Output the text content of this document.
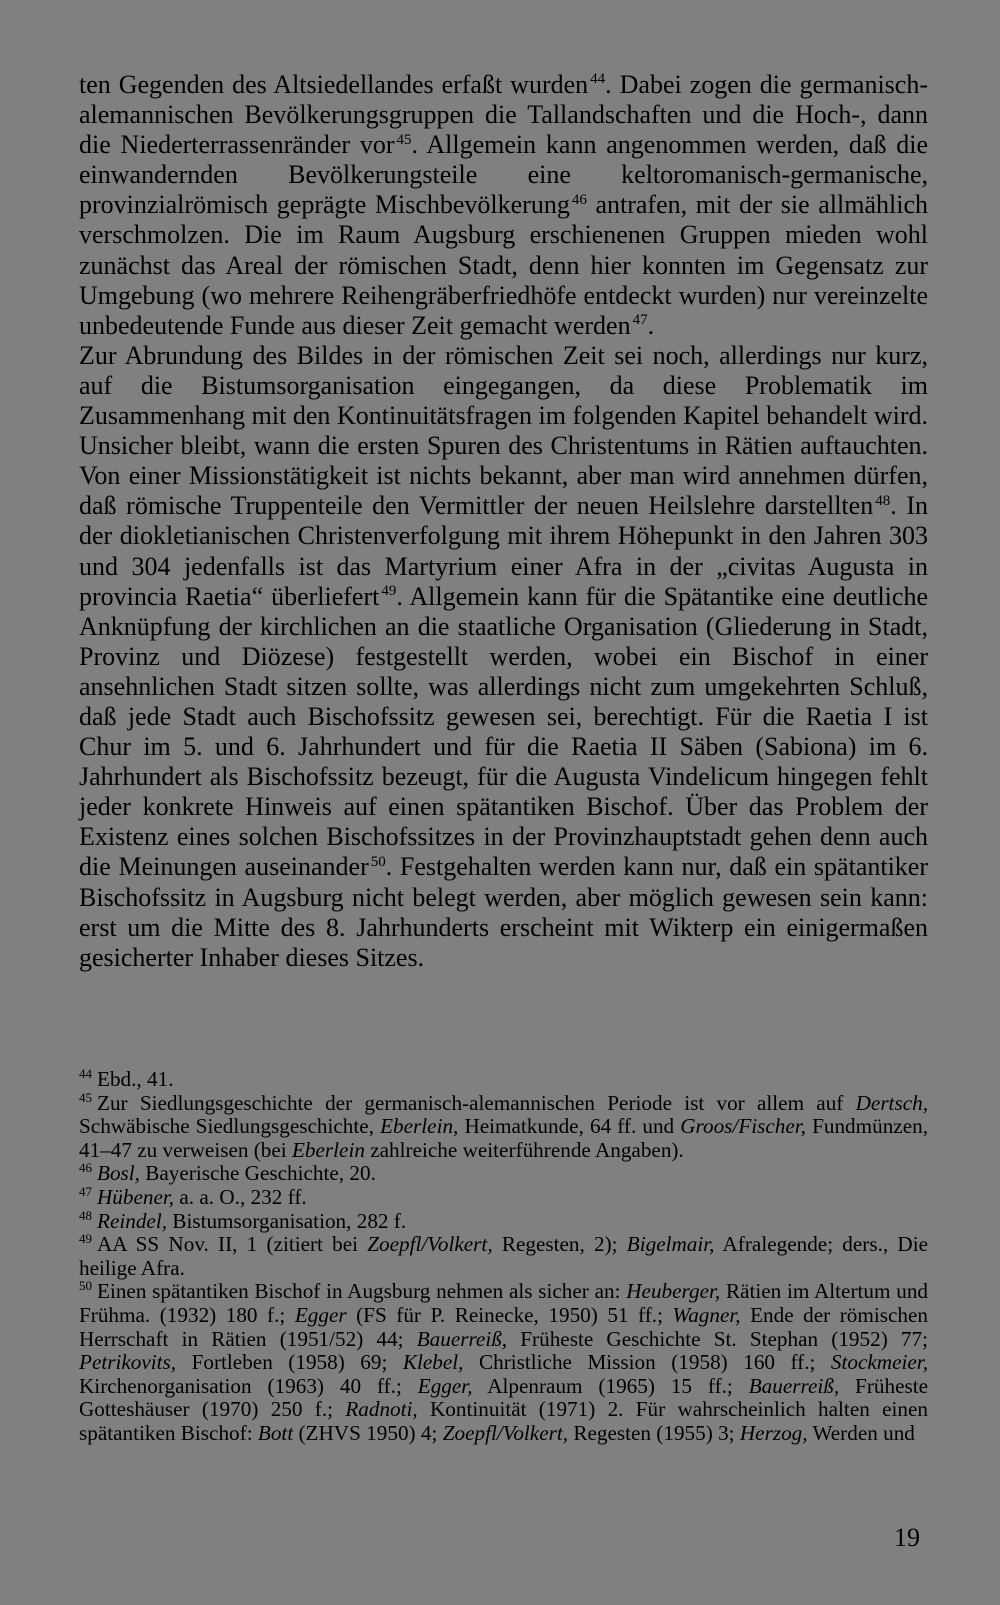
ten Gegenden des Altsiedellandes erfaßt wurden $^{44}$. Dabei zogen die germanisch-alemannischen Bevölkerungsgruppen die Tallandschaften und die Hoch-, dann die Niederterrassenränder vor $^{45}$. Allgemein kann angenommen werden, daß die einwandernden Bevölkerungsteile eine keltoromanisch-germanische, provinzialrömisch geprägte Mischbevölkerung $^{46}$ antrafen, mit der sie allmählich verschmolzen. Die im Raum Augsburg erschienenen Gruppen mieden wohl zunächst das Areal der römischen Stadt, denn hier konnten im Gegensatz zur Umgebung (wo mehrere Reihengräberfriedhöfe entdeckt wurden) nur vereinzelte unbedeutende Funde aus dieser Zeit gemacht werden $^{47}$.

Zur Abrundung des Bildes in der römischen Zeit sei noch, allerdings nur kurz, auf die Bistumsorganisation eingegangen, da diese Problematik im Zusammenhang mit den Kontinuitätsfragen im folgenden Kapitel behandelt wird. Unsicher bleibt, wann die ersten Spuren des Christentums in Rätien auftauchten. Von einer Missionstätigkeit ist nichts bekannt, aber man wird annehmen dürfen, daß römische Truppenteile den Vermittler der neuen Heilslehre darstellten $^{48}$. In der diokletianischen Christenverfolgung mit ihrem Höhepunkt in den Jahren 303 und 304 jedenfalls ist das Martyrium einer Afra in der „civitas Augusta in provincia Raetia“ überliefert $^{49}$. Allgemein kann für die Spätantike eine deutliche Anknüpfung der kirchlichen an die staatliche Organisation (Gliederung in Stadt, Provinz und Diözese) festgestellt werden, wobei ein Bischof in einer ansehnlichen Stadt sitzen sollte, was allerdings nicht zum umgekehrten Schluß, daß jede Stadt auch Bischofssitz gewesen sei, berechtigt. Für die Raetia I ist Chur im 5. und 6. Jahrhundert und für die Raetia II Säben (Sabiona) im 6. Jahrhundert als Bischofssitz bezeugt, für die Augusta Vindelicum hingegen fehlt jeder konkrete Hinweis auf einen spätantiken Bischof. Über das Problem der Existenz eines solchen Bischofssitzes in der Provinzhauptstadt gehen denn auch die Meinungen auseinander $^{50}$. Festgehalten werden kann nur, daß ein spätantiker Bischofssitz in Augsburg nicht belegt werden, aber möglich gewesen sein kann: erst um die Mitte des 8. Jahrhunderts erscheint mit Wikterp ein einigermaßen gesicherter Inhaber dieses Sitzes.

$^{44}$ Ebd., 41.

$^{45}$ Zur Siedlungsgeschichte der germanisch-alemannischen Periode ist vor allem auf Dertsch, Schwäbische Siedlungsgeschichte, Eberlein, Heimatkunde, 64 ff. und Groos/Fischer, Fundmünzen, 41–47 zu verweisen (bei Eberlein zahlreiche weiterführende Angaben).

$^{46}$ Bosl, Bayerische Geschichte, 20.

$^{47}$ Hübener, a. a. O., 232 ff.

$^{48}$ Reindel, Bistumsorganisation, 282 f.

$^{49}$ AA SS Nov. II, 1 (zitiert bei Zoepfl/Volkert, Regesten, 2); Bigelmair, Afralegende; ders., Die heilige Afra.

$^{50}$ Einen spätantiken Bischof in Augsburg nehmen als sicher an: Heuberger, Rätien im Altertum und Frühma. (1932) 180 f.; Egger (FS für P. Reinecke, 1950) 51 ff.; Wagner, Ende der römischen Herrschaft in Rätien (1951/52) 44; Bauerreiß, Früheste Geschichte St. Stephan (1952) 77; Petrikovits, Fortleben (1958) 69; Klebel, Christliche Mission (1958) 160 ff.; Stockmeier, Kirchenorganisation (1963) 40 ff.; Egger, Alpenraum (1965) 15 ff.; Bauerreiß, Früheste Gotteshäuser (1970) 250 f.; Radnoti, Kontinuität (1971) 2. Für wahrscheinlich halten einen spätantiken Bischof: Bott (ZHVS 1950) 4; Zoepfl/Volkert, Regesten (1955) 3; Herzog, Werden und

19
